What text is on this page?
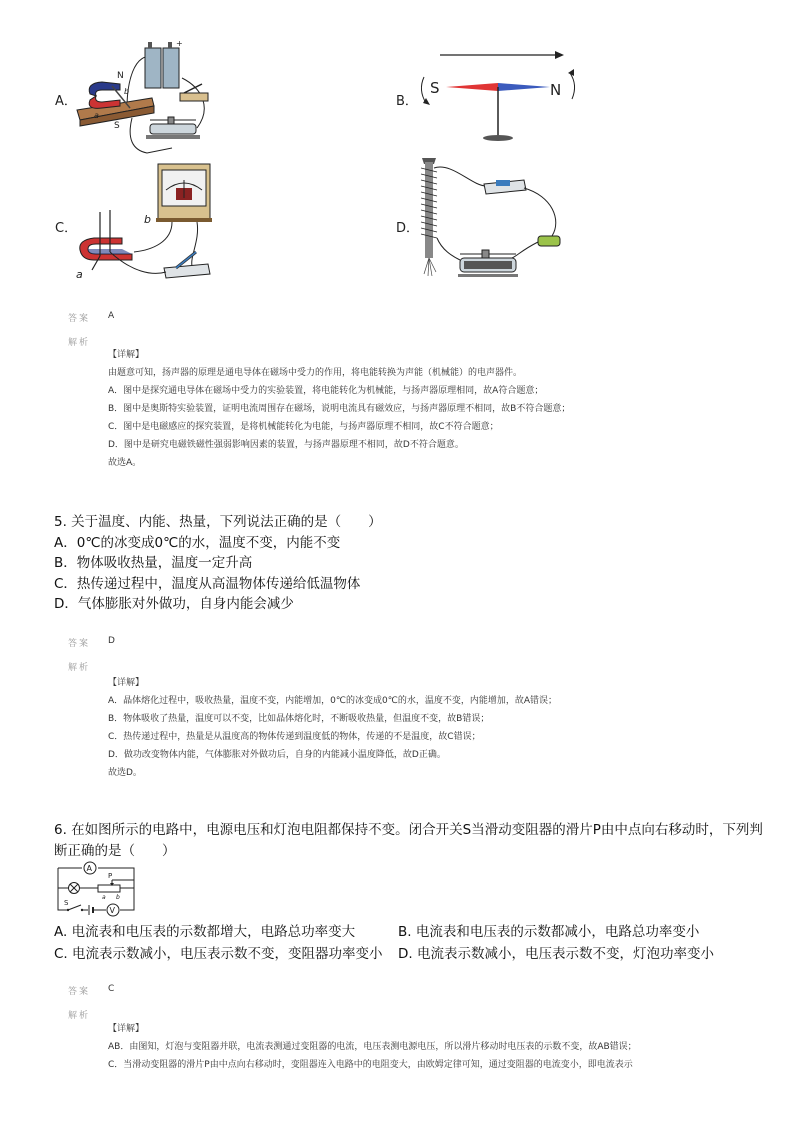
A．
+
N
S
b
a
B．
S	N
C．
b
a
D．
答案 A
解析
【详解】
由题意可知，扬声器的原理是通电导体在磁场中受力的作用，将电能转换为声能（机械能）的电声器件。
A．图中是探究通电导体在磁场中受力的实验装置，将电能转化为机械能，与扬声器原理相同，故A符合题意；
B．图中是奥斯特实验装置，证明电流周围存在磁场，说明电流具有磁效应，与扬声器原理不相同，故B不符合题意；
C．图中是电磁感应的探究装置，是将机械能转化为电能，与扬声器原理不相同，故C不符合题意；
D．图中是研究电磁铁磁性强弱影响因素的装置，与扬声器原理不相同，故D不符合题意。
故选A。
5. 关于温度、内能、热量，下列说法正确的是（　　）
A．0℃的冰变成0℃的水，温度不变，内能不变
B．物体吸收热量，温度一定升高
C．热传递过程中，温度从高温物体传递给低温物体
D．气体膨胀对外做功，自身内能会减少
答案 D
解析
【详解】
A．晶体熔化过程中，吸收热量，温度不变，内能增加，0℃的冰变成0℃的水，温度不变，内能增加，故A错误；
B．物体吸收了热量，温度可以不变，比如晶体熔化时，不断吸收热量，但温度不变，故B错误；
C．热传递过程中，热量是从温度高的物体传递到温度低的物体，传递的不是温度，故C错误；
D．做功改变物体内能，气体膨胀对外做功后，自身的内能减小温度降低，故D正确。
故选D。
6. 在如图所示的电路中，电源电压和灯泡电阻都保持不变。闭合开关S当滑动变阻器的滑片P由中点向右移动时，下列判
断正确的是（　　）
A
P
a b
S
V
A. 电流表和电压表的示数都增大，电路总功率变大	B. 电流表和电压表的示数都减小，电路总功率变小
C. 电流表示数减小，电压表示数不变，变阻器功率变小 D. 电流表示数减小，电压表示数不变，灯泡功率变小
答案 C
解析
【详解】
AB．由图知，灯泡与变阻器并联，电流表测通过变阻器的电流，电压表测电源电压，所以滑片移动时电压表的示数不变，故AB错误；
C．当滑动变阻器的滑片P由中点向右移动时，变阻器连入电路中的电阻变大，由欧姆定律可知，通过变阻器的电流变小，即电流表示
